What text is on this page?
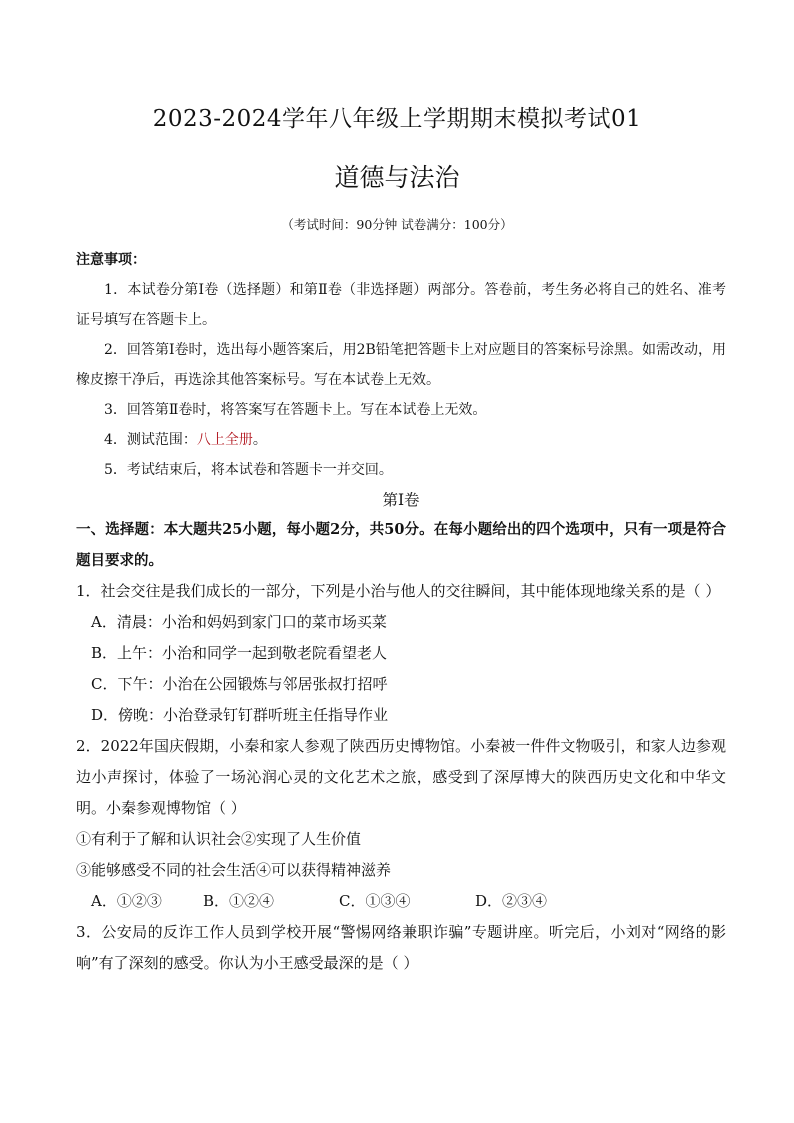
2023-2024学年八年级上学期期末模拟考试01
道德与法治
（考试时间：90分钟 试卷满分：100分）
注意事项：
1．本试卷分第Ⅰ卷（选择题）和第Ⅱ卷（非选择题）两部分。答卷前，考生务必将自己的姓名、准考证号填写在答题卡上。
2．回答第Ⅰ卷时，选出每小题答案后，用2B铅笔把答题卡上对应题目的答案标号涂黑。如需改动，用橡皮擦干净后，再选涂其他答案标号。写在本试卷上无效。
3．回答第Ⅱ卷时，将答案写在答题卡上。写在本试卷上无效。
4．测试范围：八上全册。
5．考试结束后，将本试卷和答题卡一并交回。
第Ⅰ卷
一、选择题：本大题共25小题，每小题2分，共50分。在每小题给出的四个选项中，只有一项是符合题目要求的。
1．社会交往是我们成长的一部分，下列是小治与他人的交往瞬间，其中能体现地缘关系的是（ ）
A．清晨：小治和妈妈到家门口的菜市场买菜
B．上午：小治和同学一起到敬老院看望老人
C．下午：小治在公园锻炼与邻居张叔打招呼
D．傍晚：小治登录钉钉群听班主任指导作业
2．2022年国庆假期，小秦和家人参观了陕西历史博物馆。小秦被一件件文物吸引，和家人边参观边小声探讨，体验了一场沁润心灵的文化艺术之旅，感受到了深厚博大的陕西历史文化和中华文明。小秦参观博物馆（ ）
①有利于了解和认识社会②实现了人生价值
③能够感受不同的社会生活④可以获得精神滋养
A．①②③	B．①②④	C．①③④	D．②③④
3．公安局的反诈工作人员到学校开展“警惕网络兼职诈骗”专题讲座。听完后，小刘对“网络的影响”有了深刻的感受。你认为小王感受最深的是（ ）
